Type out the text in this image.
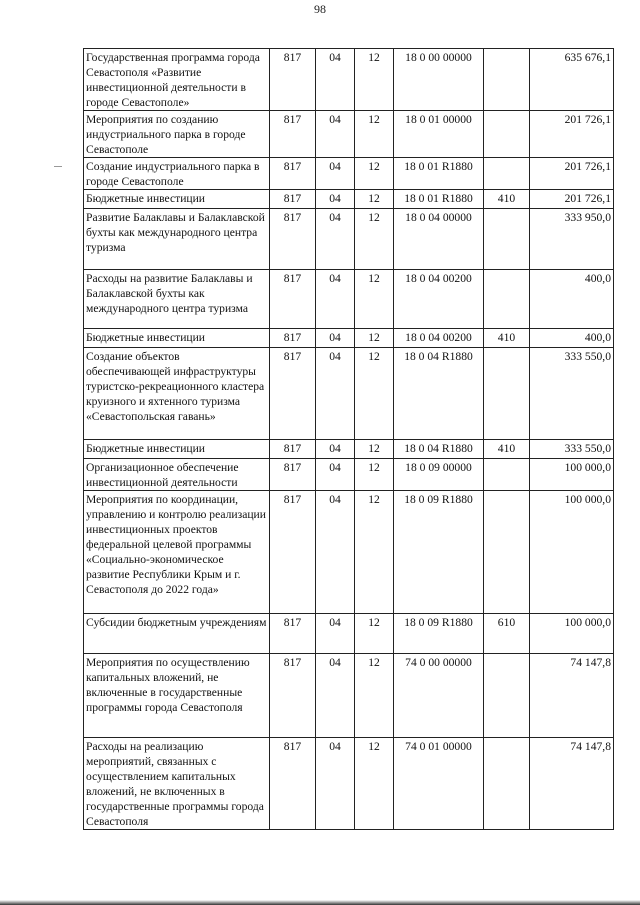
98
Государственная программа города Севастополя «Развитие инвестиционной деятельности в городе Севастополе»	817	04	12	18 0 00 00000		635 676,1
Мероприятия по созданию индустриального парка в городе Севастополе	817	04	12	18 0 01 00000		201 726,1
Создание индустриального парка в городе Севастополе	817	04	12	18 0 01 R1880		201 726,1
Бюджетные инвестиции	817	04	12	18 0 01 R1880	410	201 726,1
Развитие Балаклавы и Балаклавской бухты как международного центра туризма	817	04	12	18 0 04 00000		333 950,0
Расходы на развитие Балаклавы и Балаклавской бухты как международного центра туризма	817	04	12	18 0 04 00200		400,0
Бюджетные инвестиции	817	04	12	18 0 04 00200	410	400,0
Создание объектов обеспечивающей инфраструктуры туристско-рекреационного кластера круизного и яхтенного туризма «Севастопольская гавань»	817	04	12	18 0 04 R1880		333 550,0
Бюджетные инвестиции	817	04	12	18 0 04 R1880	410	333 550,0
Организационное обеспечение инвестиционной деятельности	817	04	12	18 0 09 00000		100 000,0
Мероприятия по координации, управлению и контролю реализации инвестиционных проектов федеральной целевой программы «Социально-экономическое развитие Республики Крым и г. Севастополя до 2022 года»	817	04	12	18 0 09 R1880		100 000,0
Субсидии бюджетным учреждениям	817	04	12	18 0 09 R1880	610	100 000,0
Мероприятия по осуществлению капитальных вложений, не включенные в государственные программы города Севастополя	817	04	12	74 0 00 00000		74 147,8
Расходы на реализацию мероприятий, связанных с осуществлением капитальных вложений, не включенных в государственные программы города Севастополя	817	04	12	74 0 01 00000		74 147,8
